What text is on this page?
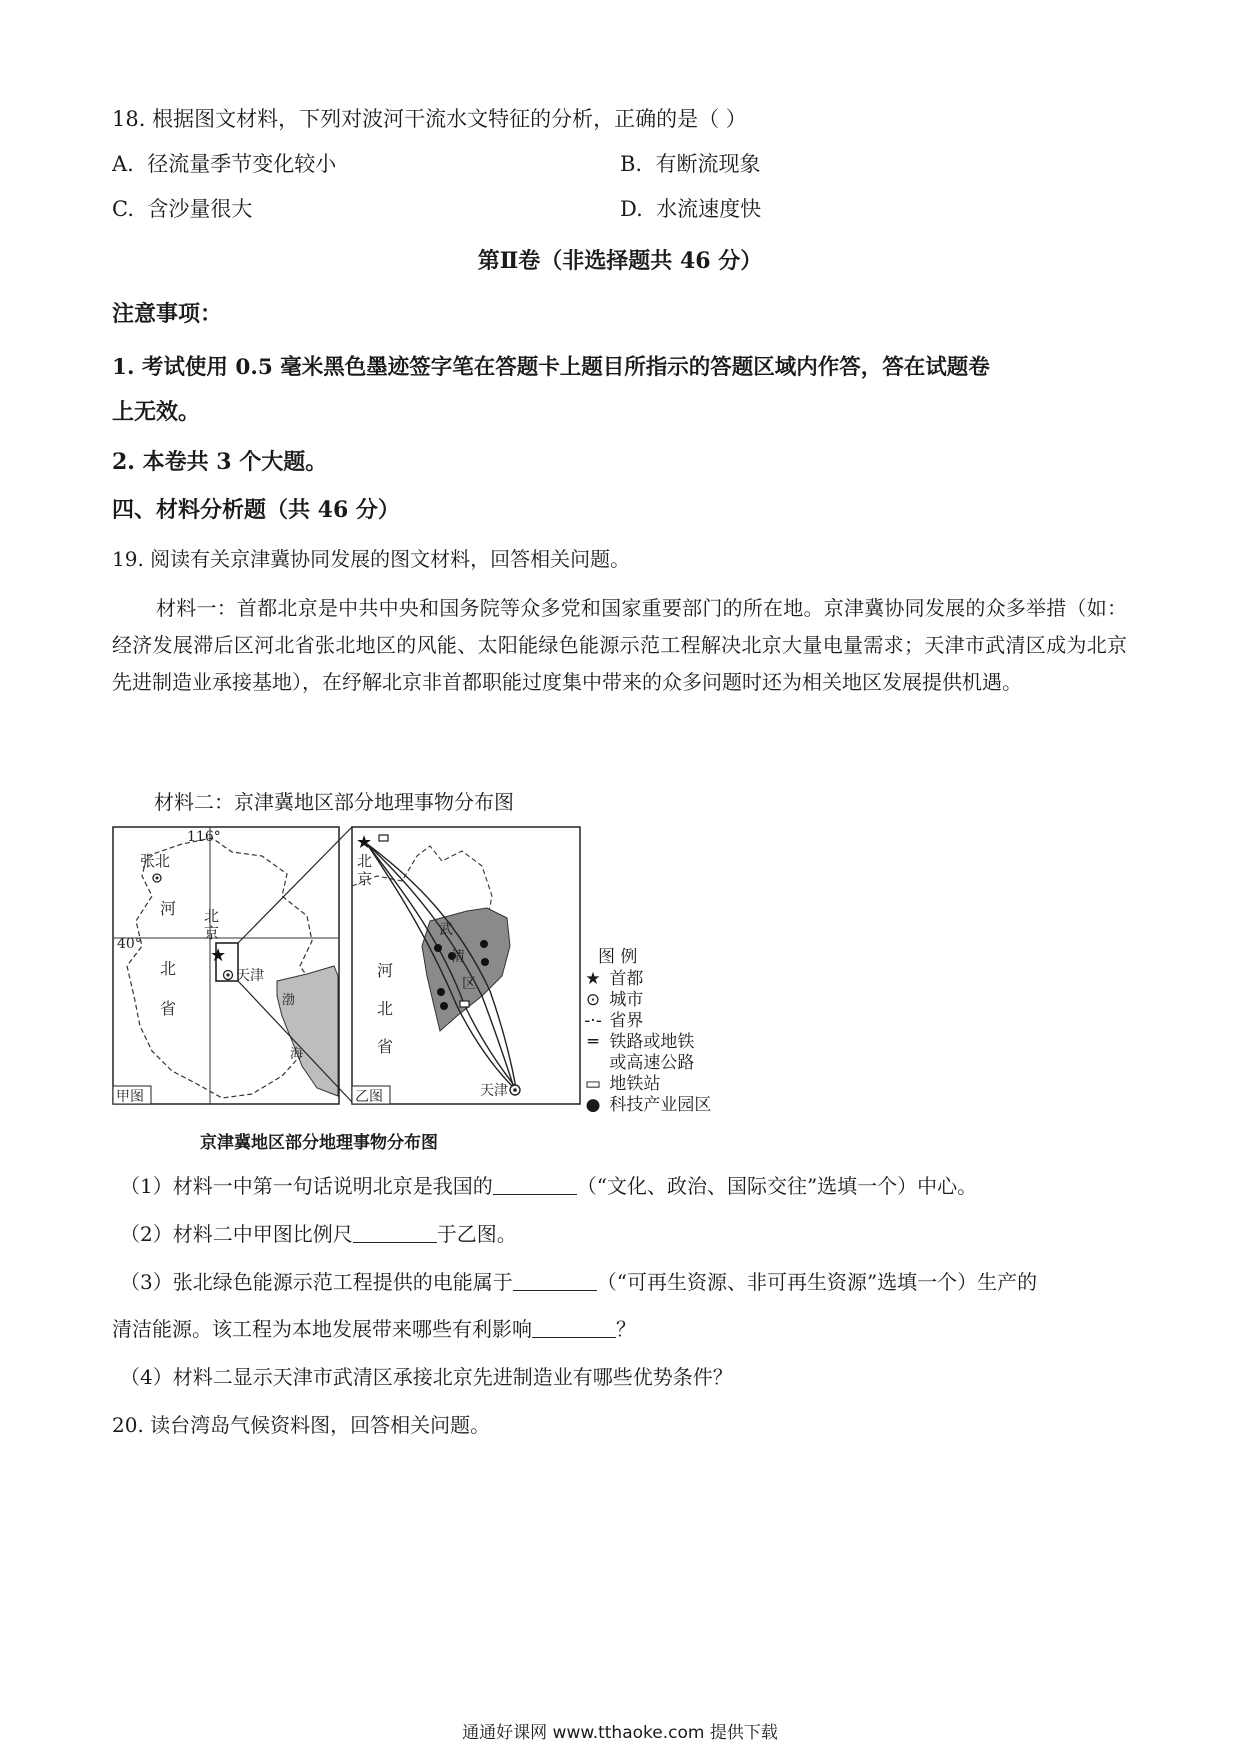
18. 根据图文材料，下列对波河干流水文特征的分析，正确的是（ ）
A. 径流量季节变化较小	B. 有断流现象
C. 含沙量很大	D. 水流速度快
第Ⅱ卷（非选择题共 46 分）
注意事项：
1. 考试使用 0.5 毫米黑色墨迹签字笔在答题卡上题目所指示的答题区域内作答，答在试题卷
上无效。
2. 本卷共 3 个大题。
四、材料分析题（共 46 分）
19. 阅读有关京津冀协同发展的图文材料，回答相关问题。
材料一：首都北京是中共中央和国务院等众多党和国家重要部门的所在地。京津冀协同发展的众多举措（如：经济发展滞后区河北省张北地区的风能、太阳能绿色能源示范工程解决北京大量电量需求；天津市武清区成为北京先进制造业承接基地），在纾解北京非首都职能过度集中带来的众多问题时还为相关地区发展提供机遇。
材料二：京津冀地区部分地理事物分布图
★
116°
40°
张北
北
京
河
北
省
天津
渤
海
甲图
★
北
京
河
北
省
武
清
区
天津
乙图
图 例
★ 首都
⊙ 城市
-·- 省界
═ 铁路或地铁
或高速公路
▭ 地铁站
● 科技产业园区
京津冀地区部分地理事物分布图
（1）材料一中第一句话说明北京是我国的	（“文化、政治、国际交往”选填一个）中心。
（2）材料二中甲图比例尺	于乙图。
（3）张北绿色能源示范工程提供的电能属于	（“可再生资源、非可再生资源”选填一个）生产的
清洁能源。该工程为本地发展带来哪些有利影响	？
（4）材料二显示天津市武清区承接北京先进制造业有哪些优势条件？
20. 读台湾岛气候资料图，回答相关问题。
通通好课网 www.tthaoke.com 提供下载
